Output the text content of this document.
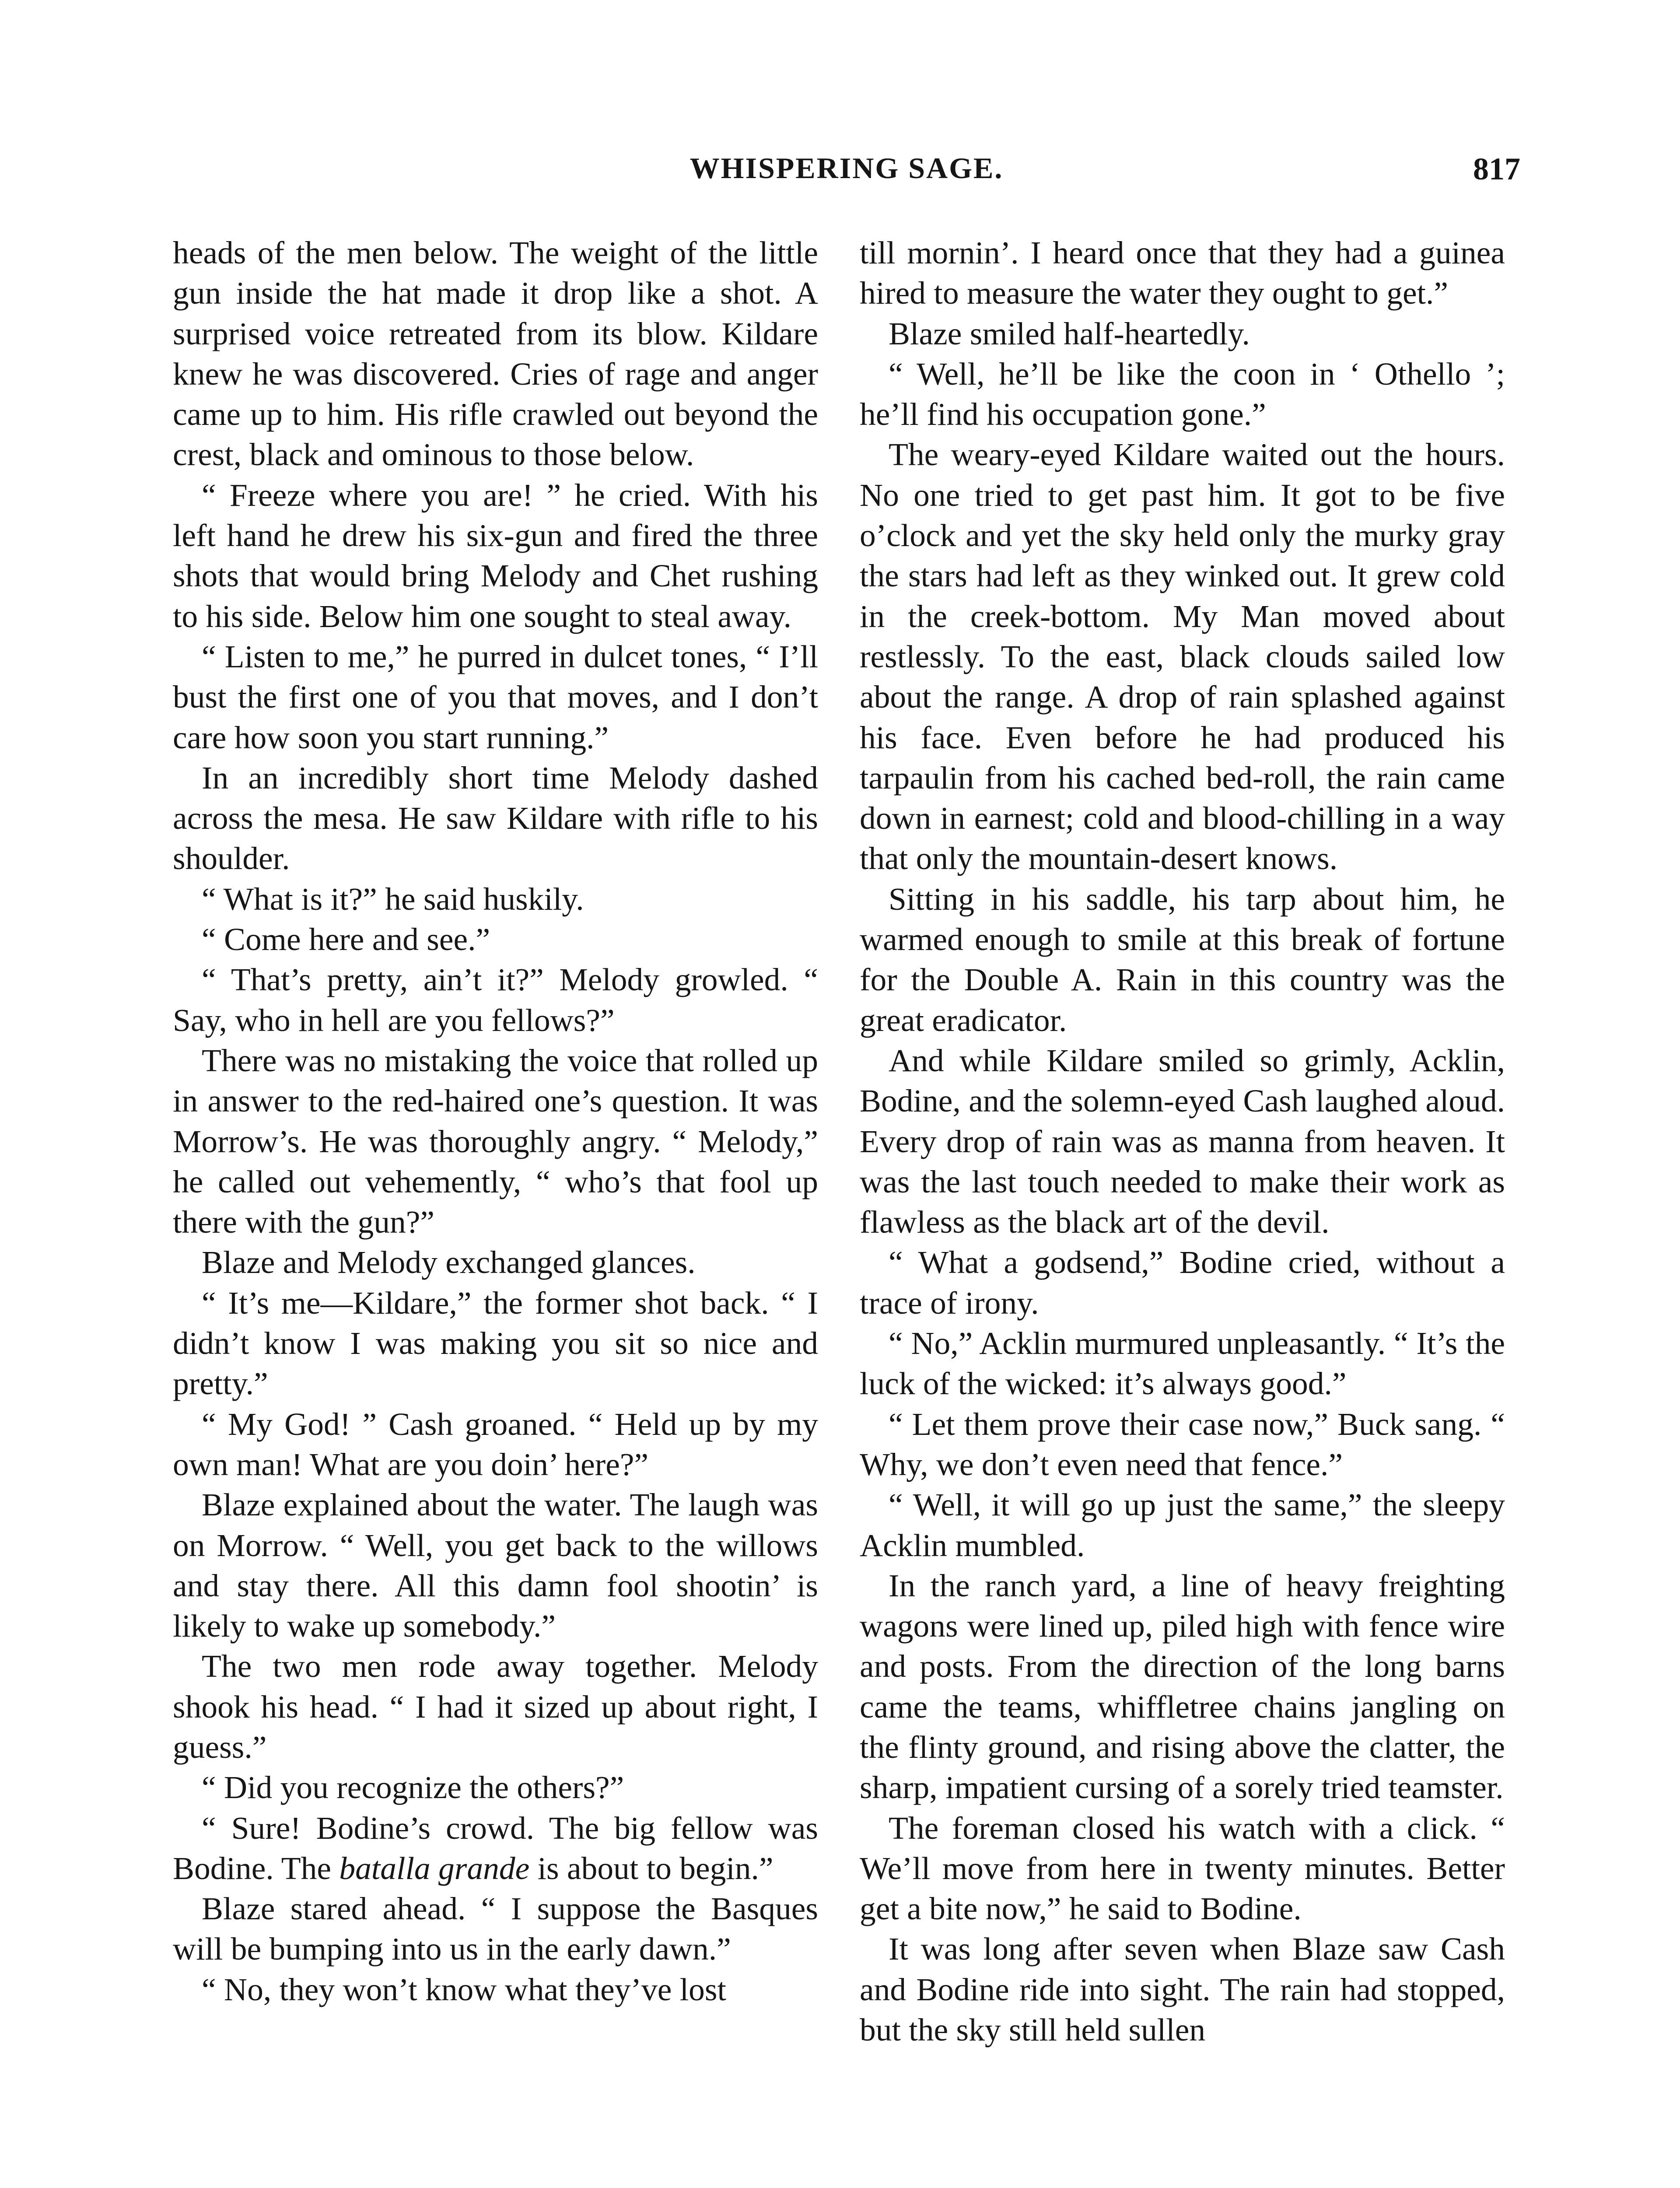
WHISPERING SAGE.	817

heads of the men below. The weight of the little gun inside the hat made it drop like a shot. A surprised voice retreated from its blow. Kildare knew he was discovered. Cries of rage and anger came up to him. His rifle crawled out beyond the crest, black and ominous to those below.

“ Freeze where you are! ” he cried. With his left hand he drew his six-gun and fired the three shots that would bring Melody and Chet rushing to his side. Below him one sought to steal away.

“ Listen to me,” he purred in dulcet tones, “ I’ll bust the first one of you that moves, and I don’t care how soon you start running.”

In an incredibly short time Melody dashed across the mesa. He saw Kildare with rifle to his shoulder.

“ What is it?” he said huskily.

“ Come here and see.”

“ That’s pretty, ain’t it?” Melody growled. “ Say, who in hell are you fellows?”

There was no mistaking the voice that rolled up in answer to the red-haired one’s question. It was Morrow’s. He was thoroughly angry. “ Melody,” he called out vehemently, “ who’s that fool up there with the gun?”

Blaze and Melody exchanged glances.

“ It’s me—Kildare,” the former shot back. “ I didn’t know I was making you sit so nice and pretty.”

“ My God! ” Cash groaned. “ Held up by my own man! What are you doin’ here?”

Blaze explained about the water. The laugh was on Morrow. “ Well, you get back to the willows and stay there. All this damn fool shootin’ is likely to wake up somebody.”

The two men rode away together. Melody shook his head. “ I had it sized up about right, I guess.”

“ Did you recognize the others?”

“ Sure! Bodine’s crowd. The big fellow was Bodine. The batalla grande is about to begin.”

Blaze stared ahead. “ I suppose the Basques will be bumping into us in the early dawn.”

“ No, they won’t know what they’ve lost

till mornin’. I heard once that they had a guinea hired to measure the water they ought to get.”

Blaze smiled half-heartedly.

“ Well, he’ll be like the coon in ‘ Othello ’; he’ll find his occupation gone.”

The weary-eyed Kildare waited out the hours. No one tried to get past him. It got to be five o’clock and yet the sky held only the murky gray the stars had left as they winked out. It grew cold in the creek-bottom. My Man moved about restlessly. To the east, black clouds sailed low about the range. A drop of rain splashed against his face. Even before he had produced his tarpaulin from his cached bed-roll, the rain came down in earnest; cold and blood-chilling in a way that only the mountain-desert knows.

Sitting in his saddle, his tarp about him, he warmed enough to smile at this break of fortune for the Double A. Rain in this country was the great eradicator.

And while Kildare smiled so grimly, Acklin, Bodine, and the solemn-eyed Cash laughed aloud. Every drop of rain was as manna from heaven. It was the last touch needed to make their work as flawless as the black art of the devil.

“ What a godsend,” Bodine cried, without a trace of irony.

“ No,” Acklin murmured unpleasantly. “ It’s the luck of the wicked: it’s always good.”

“ Let them prove their case now,” Buck sang. “ Why, we don’t even need that fence.”

“ Well, it will go up just the same,” the sleepy Acklin mumbled.

In the ranch yard, a line of heavy freighting wagons were lined up, piled high with fence wire and posts. From the direction of the long barns came the teams, whiffletree chains jangling on the flinty ground, and rising above the clatter, the sharp, impatient cursing of a sorely tried teamster.

The foreman closed his watch with a click. “ We’ll move from here in twenty minutes. Better get a bite now,” he said to Bodine.

It was long after seven when Blaze saw Cash and Bodine ride into sight. The rain had stopped, but the sky still held sullen
